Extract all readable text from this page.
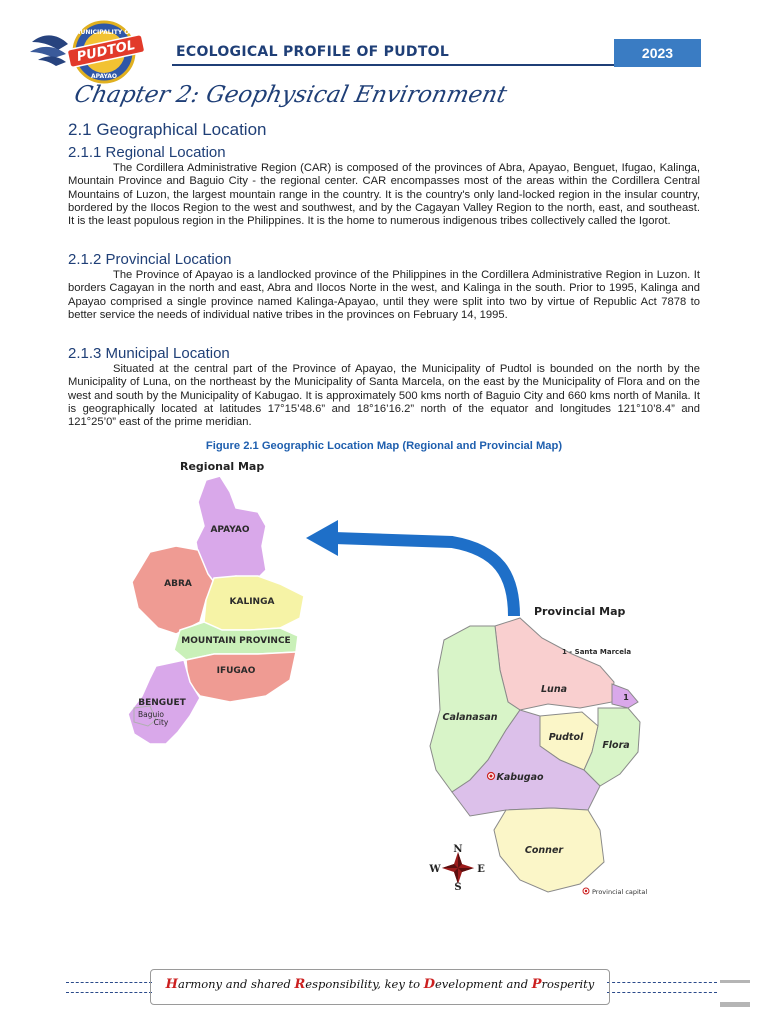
MUNICIPALITY OF
PUDTOL
APAYAO
ECOLOGICAL PROFILE OF PUDTOL	2023
Chapter 2: Geophysical Environment
2.1 Geographical Location
2.1.1 Regional Location
The Cordillera Administrative Region (CAR) is composed of the provinces of Abra, Apayao, Benguet, Ifugao, Kalinga, Mountain Province and Baguio City - the regional center. CAR encompasses most of the areas within the Cordillera Central Mountains of Luzon, the largest mountain range in the country. It is the country's only land-locked region in the insular country, bordered by the Ilocos Region to the west and southwest, and by the Cagayan Valley Region to the north, east, and southeast. It is the least populous region in the Philippines. It is the home to numerous indigenous tribes collectively called the Igorot.
2.1.2 Provincial Location
The Province of Apayao is a landlocked province of the Philippines in the Cordillera Administrative Region in Luzon. It borders Cagayan in the north and east, Abra and Ilocos Norte in the west, and Kalinga in the south. Prior to 1995, Kalinga and Apayao comprised a single province named Kalinga-Apayao, until they were split into two by virtue of Republic Act 7878 to better service the needs of individual native tribes in the provinces on February 14, 1995.
2.1.3 Municipal Location
Situated at the central part of the Province of Apayao, the Municipality of Pudtol is bounded on the north by the Municipality of Luna, on the northeast by the Municipality of Santa Marcela, on the east by the Municipality of Flora and on the west and south by the Municipality of Kabugao. It is approximately 500 kms north of Baguio City and 660 kms north of Manila. It is geographically located at latitudes 17°15’48.6” and 18°16’16.2” north of the equator and longitudes 121°10’8.4” and 121°25’0” east of the prime meridian.
Figure 2.1 Geographic Location Map (Regional and Provincial Map)
Regional Map
Provincial Map
APAYAO
ABRA
KALINGA
MOUNTAIN PROVINCE
IFUGAO
BENGUET
Baguio
City
Luna
Calanasan
Pudtol
Flora
Kabugao
Conner
1
1 - Santa Marcela
N
E
S
W
Provincial capital
Harmony and shared Responsibility, key to Development and Prosperity
